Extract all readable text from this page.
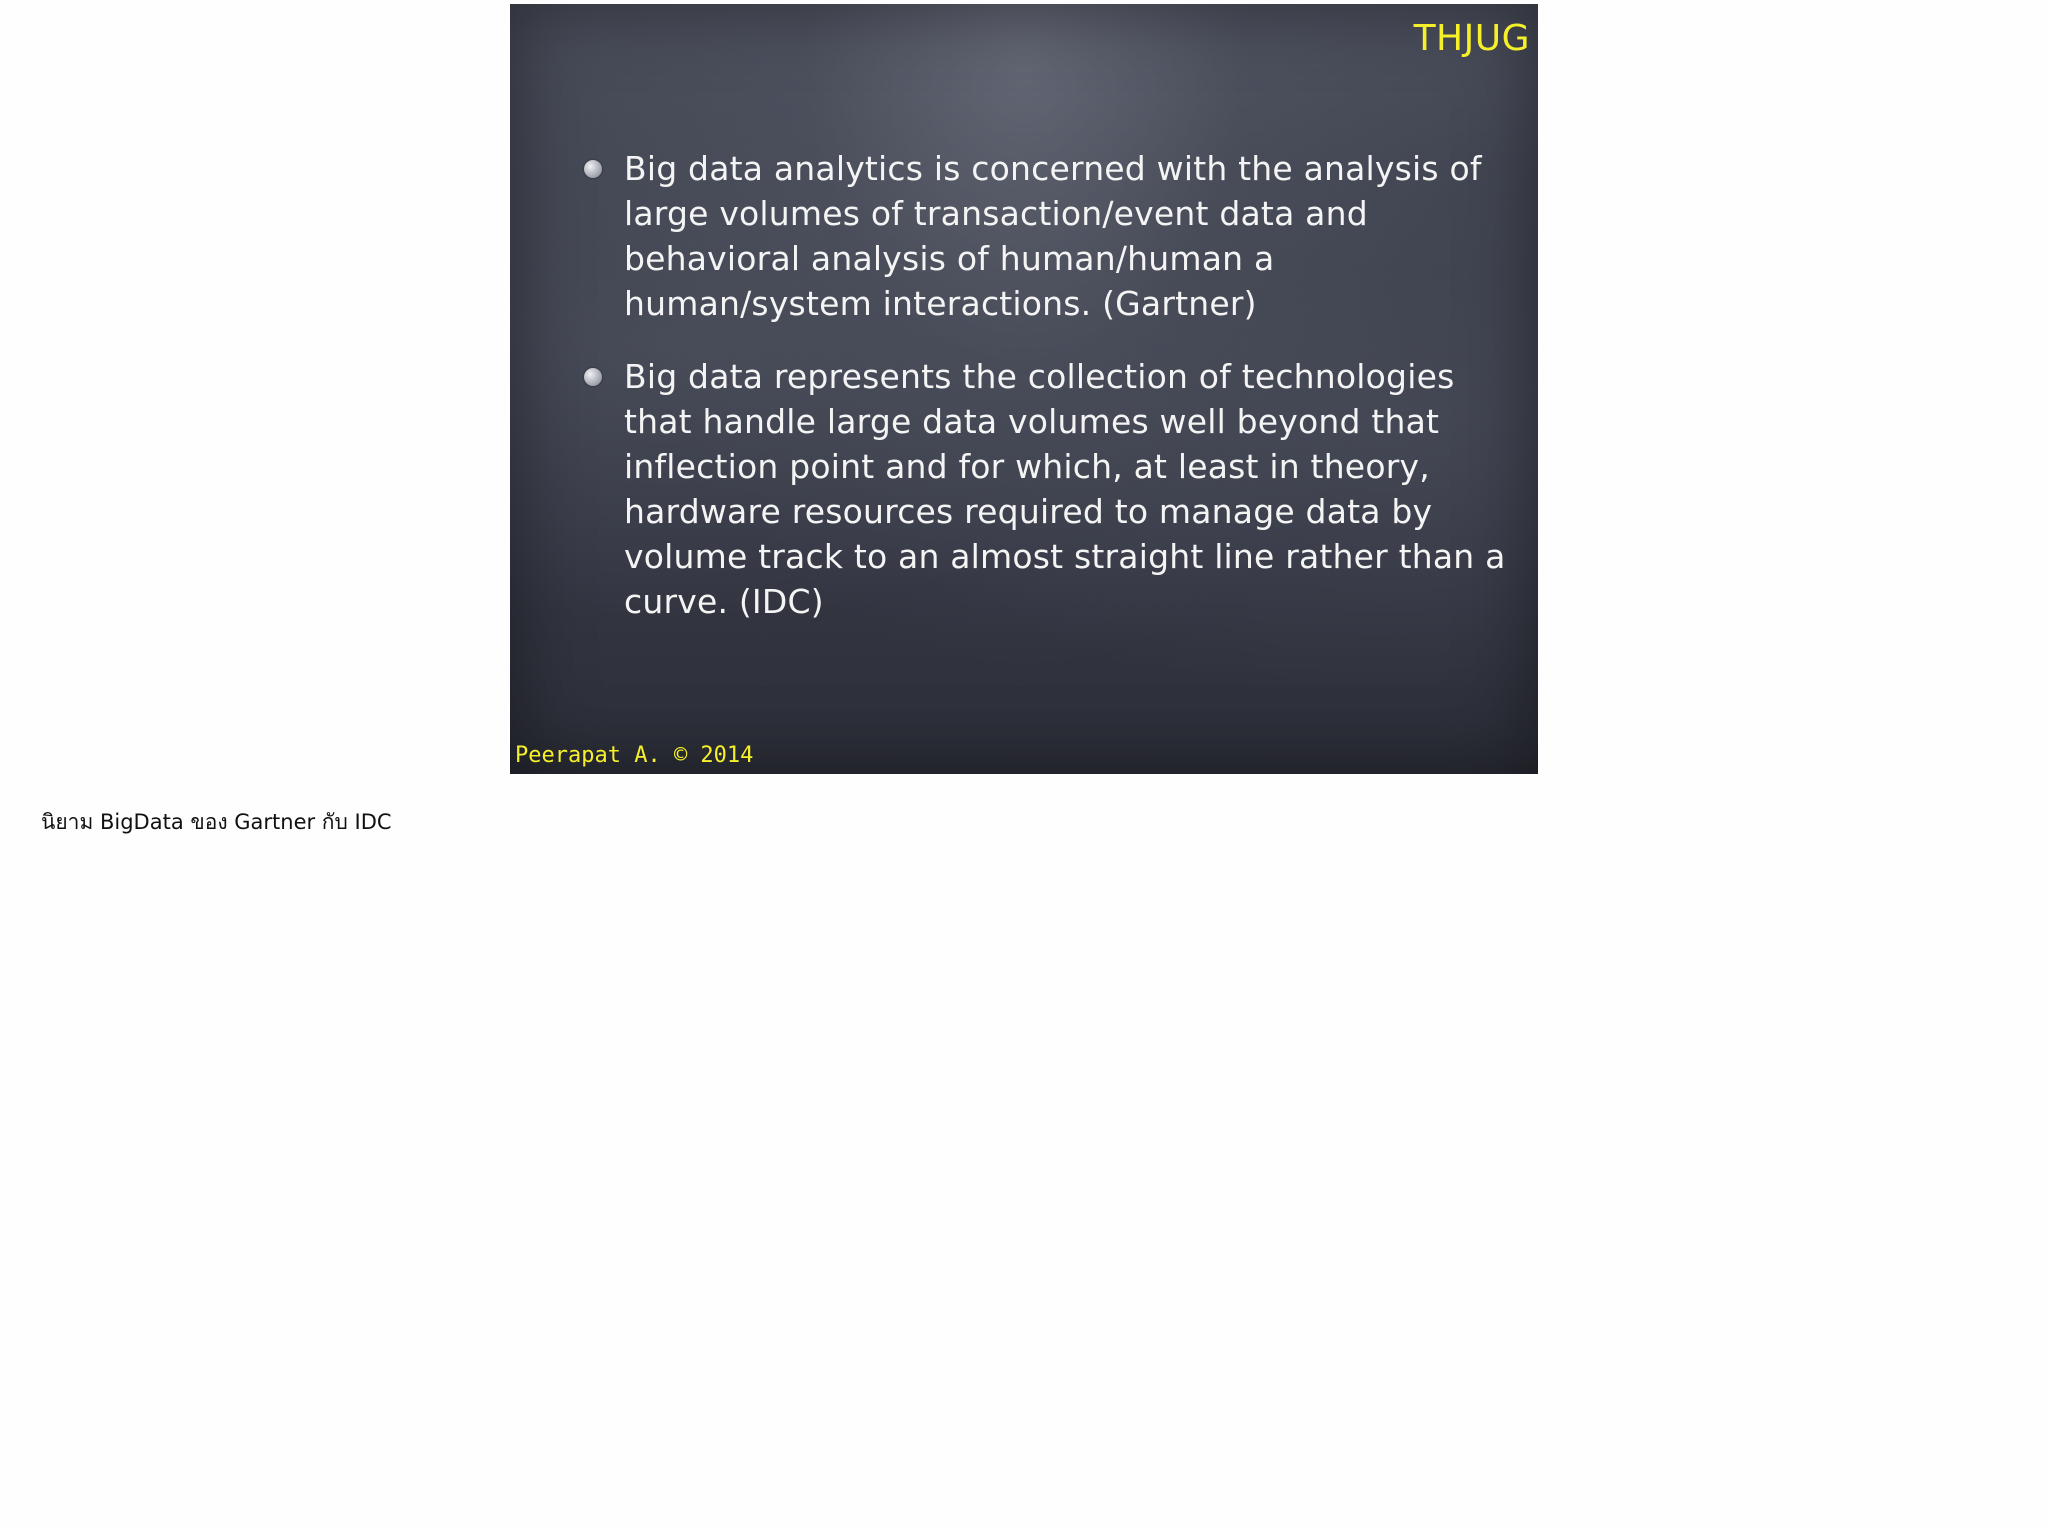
THJUG

Big data analytics is concerned with the analysis of large volumes of transaction/event data and behavioral analysis of human/human a human/system interactions. (Gartner)
Big data represents the collection of technologies that handle large data volumes well beyond that inflection point and for which, at least in theory, hardware resources required to manage data by volume track to an almost straight line rather than a curve. (IDC)

Peerapat A. © 2014

นิยาม BigData ของ Gartner กับ IDC
